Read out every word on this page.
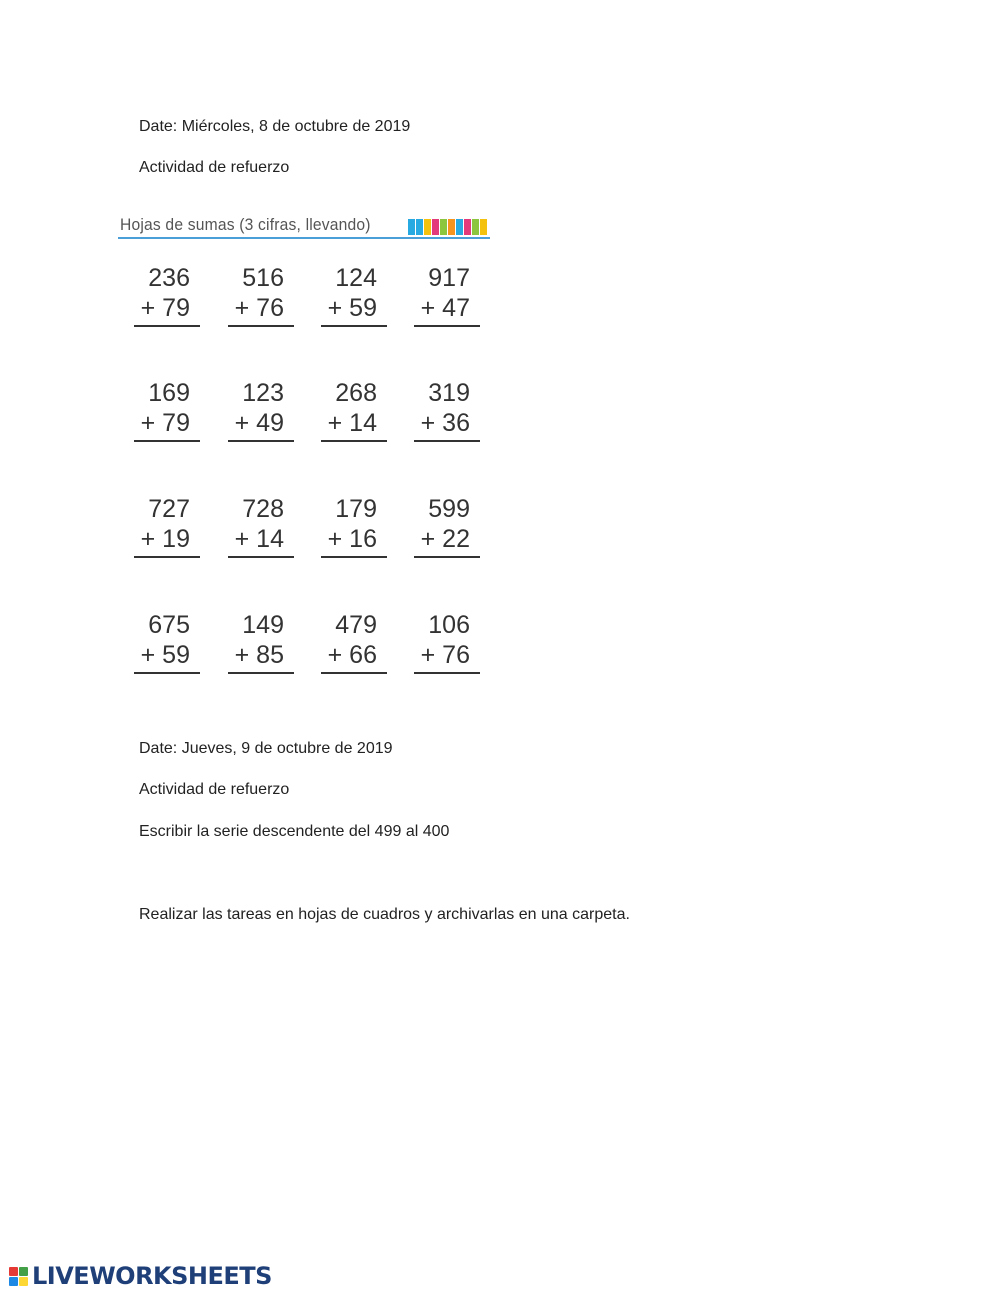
Date: Miércoles, 8 de octubre de 2019
Actividad de refuerzo
Hojas de sumas (3 cifras, llevando)
236
+ 79
516
+ 76
124
+ 59
917
+ 47
169
+ 79
123
+ 49
268
+ 14
319
+ 36
727
+ 19
728
+ 14
179
+ 16
599
+ 22
675
+ 59
149
+ 85
479
+ 66
106
+ 76
Date: Jueves, 9 de octubre de 2019
Actividad de refuerzo
Escribir la serie descendente del 499 al 400
Realizar las tareas en hojas de cuadros y archivarlas en una carpeta.
LIVEWORKSHEETS
